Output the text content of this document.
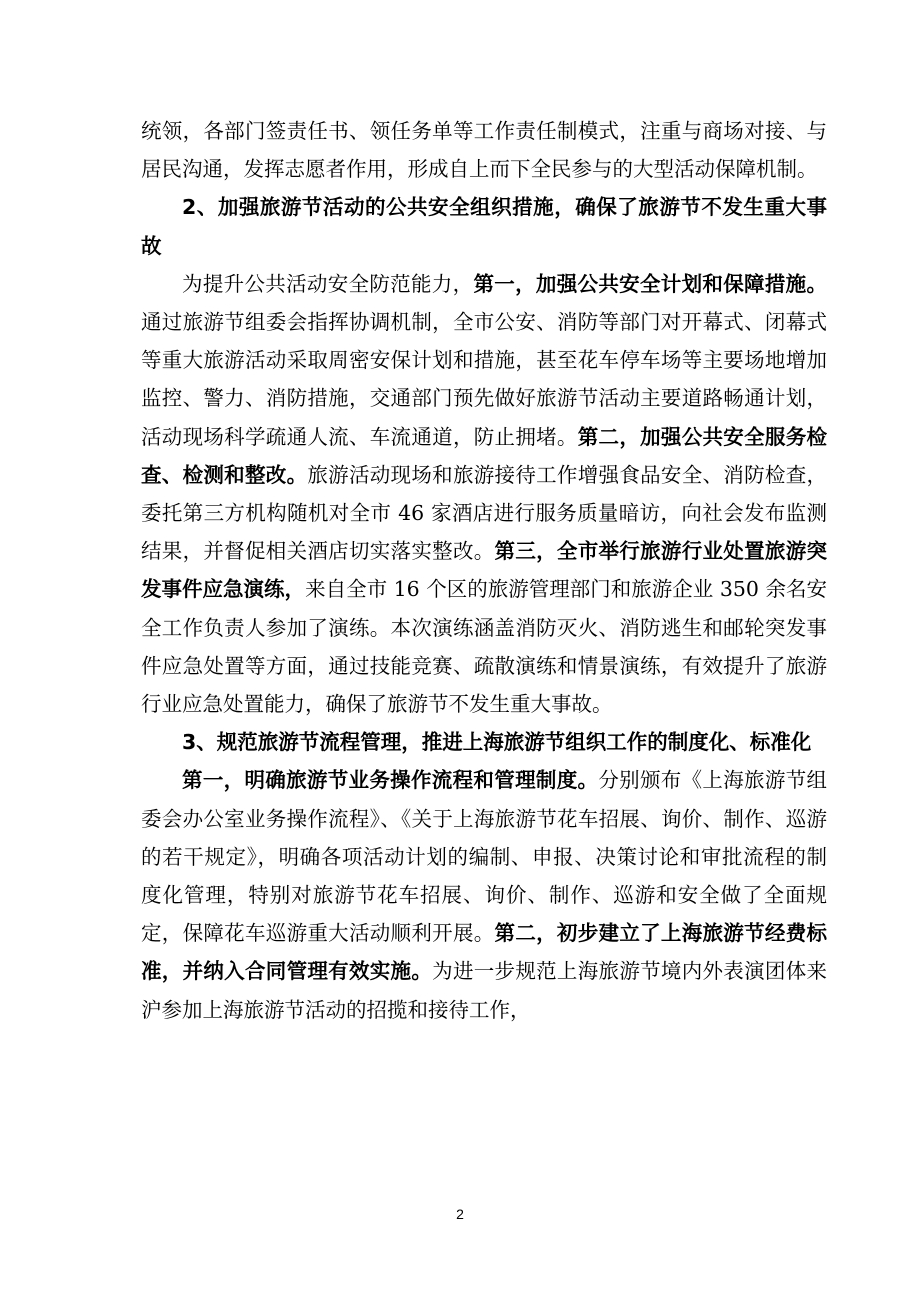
统领，各部门签责任书、领任务单等工作责任制模式，注重与商场对接、与居民沟通，发挥志愿者作用，形成自上而下全民参与的大型活动保障机制。

2、加强旅游节活动的公共安全组织措施，确保了旅游节不发生重大事故

为提升公共活动安全防范能力，第一，加强公共安全计划和保障措施。通过旅游节组委会指挥协调机制，全市公安、消防等部门对开幕式、闭幕式等重大旅游活动采取周密安保计划和措施，甚至花车停车场等主要场地增加监控、警力、消防措施，交通部门预先做好旅游节活动主要道路畅通计划，活动现场科学疏通人流、车流通道，防止拥堵。第二，加强公共安全服务检查、检测和整改。旅游活动现场和旅游接待工作增强食品安全、消防检查，委托第三方机构随机对全市 46 家酒店进行服务质量暗访，向社会发布监测结果，并督促相关酒店切实落实整改。第三，全市举行旅游行业处置旅游突发事件应急演练，来自全市 16 个区的旅游管理部门和旅游企业 350 余名安全工作负责人参加了演练。本次演练涵盖消防灭火、消防逃生和邮轮突发事件应急处置等方面，通过技能竞赛、疏散演练和情景演练，有效提升了旅游行业应急处置能力，确保了旅游节不发生重大事故。

3、规范旅游节流程管理，推进上海旅游节组织工作的制度化、标准化

第一，明确旅游节业务操作流程和管理制度。分别颁布《上海旅游节组委会办公室业务操作流程》、《关于上海旅游节花车招展、询价、制作、巡游的若干规定》，明确各项活动计划的编制、申报、决策讨论和审批流程的制度化管理，特别对旅游节花车招展、询价、制作、巡游和安全做了全面规定，保障花车巡游重大活动顺利开展。第二，初步建立了上海旅游节经费标准，并纳入合同管理有效实施。为进一步规范上海旅游节境内外表演团体来沪参加上海旅游节活动的招揽和接待工作，

2
